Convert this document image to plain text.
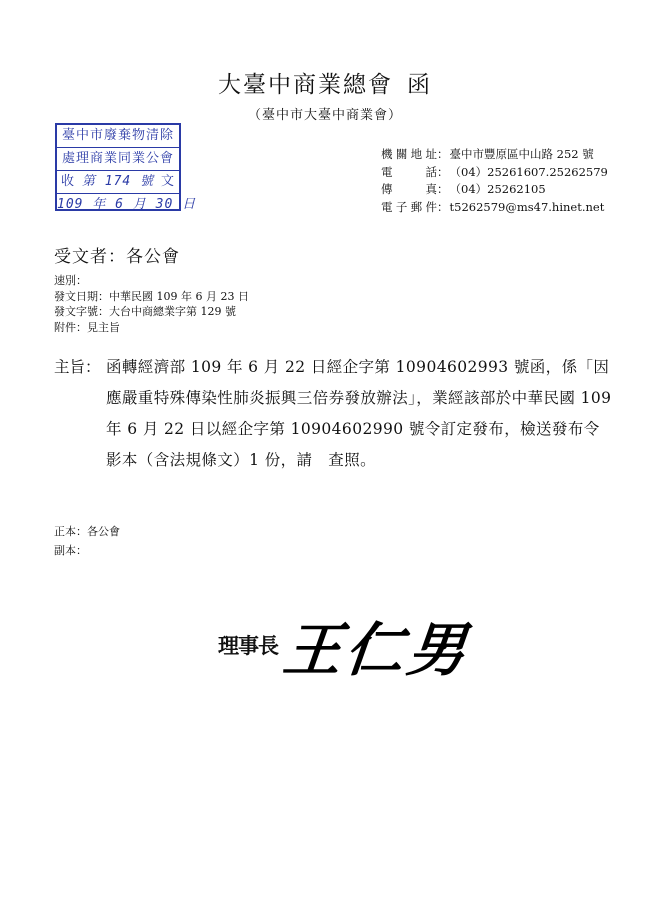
大臺中商業總會 函
（臺中市大臺中商業會）
臺中市廢棄物清除
處理商業同業公會
收 第 174 號 文
109 年 6 月 30 日
機關地址 ： 臺中市豐原區中山路 252 號
電　　話 ： （04）25261607.25262579
傳　　真 ： （04）25262105
電子郵件 ： t5262579@ms47.hinet.net
受文者：各公會
速別：
發文日期：中華民國 109 年 6 月 23 日
發文字號：大台中商總業字第 129 號
附件：見主旨
主旨： 函轉經濟部 109 年 6 月 22 日經企字第 10904602993 號函，係「因應嚴重特殊傳染性肺炎振興三倍券發放辦法」，業經該部於中華民國 109 年 6 月 22 日以經企字第 10904602990 號令訂定發布，檢送發布令影本（含法規條文）1 份，請　查照。
正本：各公會
副本：
理事長 王仁男
